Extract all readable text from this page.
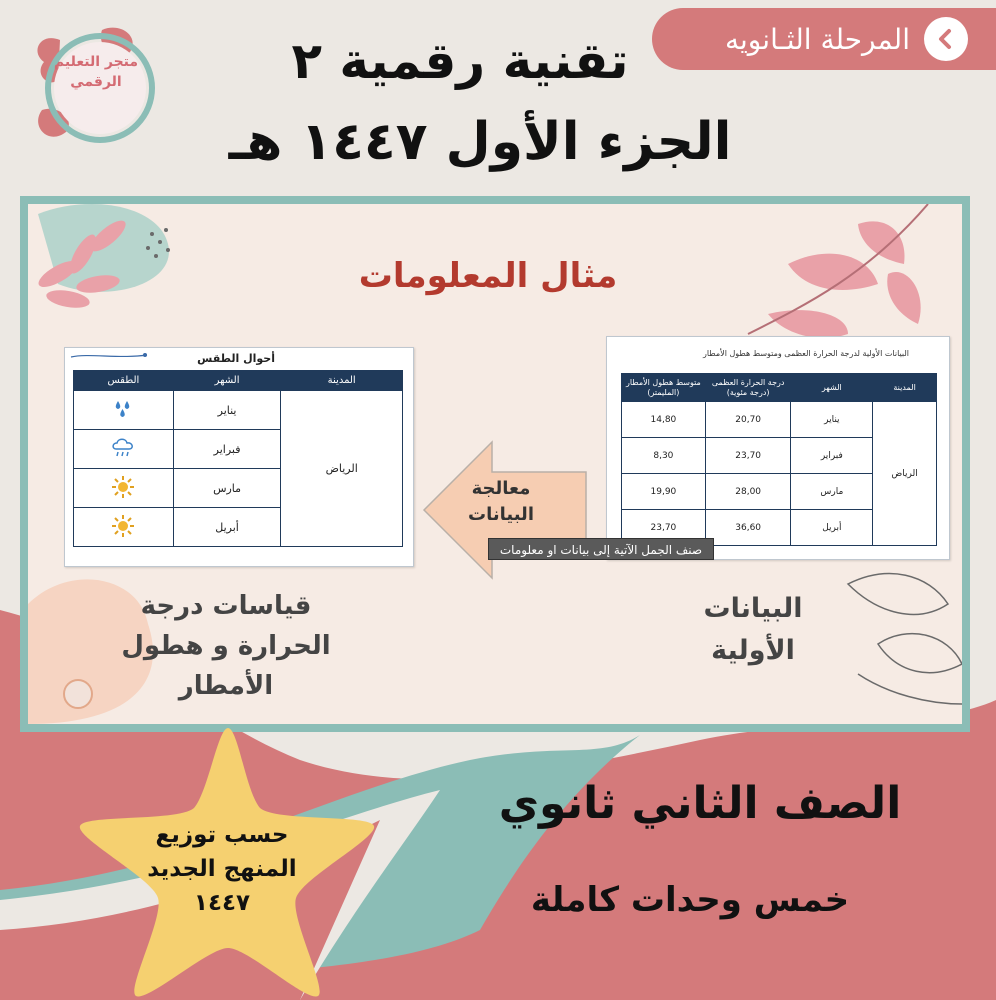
متجر التعليم
الرقمي
المرحلة الثـانويه
تقنية رقمية ٢
الجزء الأول ١٤٤٧ هـ
مثال المعلومات
أحوال الطقس
المدينة	الشهر	الطقس
الرياض	يناير	
	فبراير	
	مارس	
	أبريل	
البيانات الأولية لدرجة الحرارة العظمى ومتوسط هطول الأمطار
المدينة	الشهر	درجة الحرارة العظمى (درجة مئوية)	متوسط هطول الأمطار (المليمتر)
الرياض	يناير	20,70	14,80
	فبراير	23,70	8,30
	مارس	28,00	19,90
	أبريل	36,60	23,70
معالجة
البيانات
صنف الجمل الآتية إلى بيانات او معلومات
قياسات درجة
الحرارة و هطول
الأمطار
البيانات
الأولية
الصف الثاني ثانوي
خمس وحدات كاملة
حسب توزيع
المنهج الجديد
١٤٤٧
